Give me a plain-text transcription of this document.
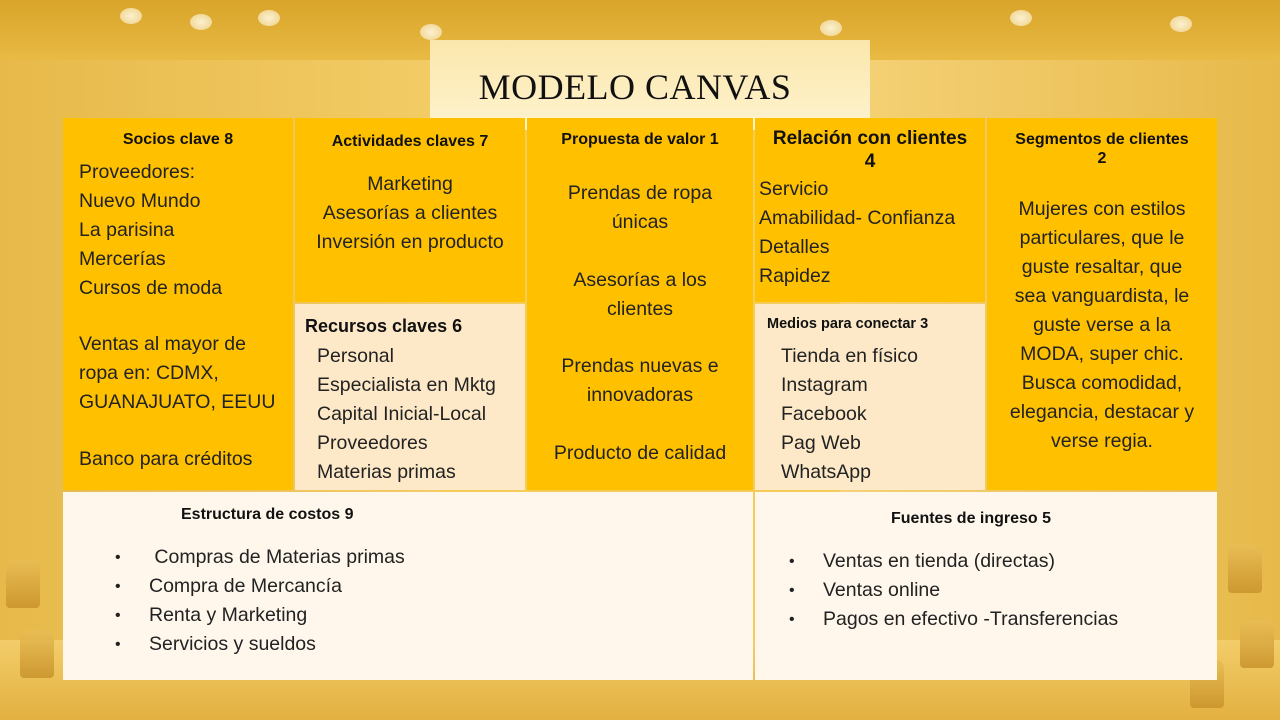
MODELO CANVAS
Socios clave 8
Proveedores:
Nuevo Mundo
La parisina
Mercerías
Cursos de moda
Ventas al mayor de
ropa en: CDMX,
GUANAJUATO, EEUU
Banco para créditos
Actividades claves 7
Marketing
Asesorías a clientes
Inversión en producto
Recursos claves 6
Personal
Especialista en Mktg
Capital Inicial-Local
Proveedores
Materias primas
Propuesta de valor 1
Prendas de ropa
únicas
Asesorías a los
clientes
Prendas nuevas e
innovadoras
Producto de calidad
Relación con clientes
4
Servicio
Amabilidad- Confianza
Detalles
Rapidez
Medios para conectar 3
Tienda en físico
Instagram
Facebook
Pag Web
WhatsApp
Segmentos de clientes
2
Mujeres con estilos
particulares, que le
guste resaltar, que
sea vanguardista, le
guste verse a la
MODA, super chic.
Busca comodidad,
elegancia, destacar y
verse regia.
Estructura de costos 9
• Compras de Materias primas
• Compra de Mercancía
• Renta y Marketing
• Servicios y sueldos
Fuentes de ingreso 5
• Ventas en tienda (directas)
• Ventas online
• Pagos en efectivo -Transferencias
